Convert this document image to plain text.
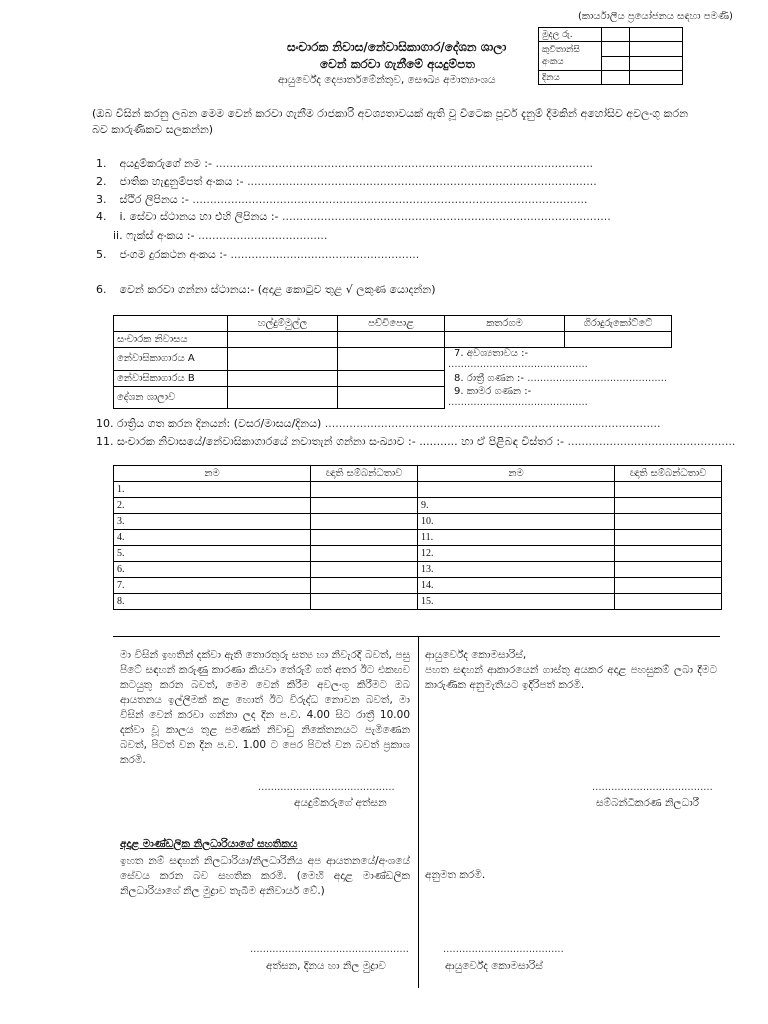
(කාර්යාලීය ප්‍රයෝජනය සඳහා පමණි)
මුදල රු.		
කුවිතාන්සි අංකය		

දිනය		
සංචාරක නිවාස/නේවාසිකාගාර/දේශන ශාලා
වෙන් කරවා ගැනීමේ අයදුම්පත
ආයුර්වේද දෙපාර්තමේන්තුව, සෞඛ්‍ය අමාත්‍යාංශය
(ඔබ විසින් කරනු ලබන මෙම වෙන් කරවා ගැනීම රාජකාරි අවශ්‍යතාවයක් ඇති වූ විටෙක පූර්ව දැනුම් දීමකින් අහෝසිව අවලංගු කරන බව කාරුණිකව සලකන්න)
1. අයදුම්කරුගේ නම :- ............................................................................................................
2. ජාතික හැඳුනුම්පත් අංකය :- ....................................................................................................
3. ස්ථිර ලිපිනය :- .................................................................................................................
4. i. සේවා ස්ථානය හා එහි ලිපිනය :- ..............................................................................................
ii. ෆැක්ස් අංකය :- .....................................
5. ජංගම දුරකථන අංකය :- ......................................................
6. වෙන් කරවා ගන්නා ස්ථානය:- (අදාළ කොටුව තුළ √ ලකුණ යොදන්න)
	හල්දුම්මුල්ල	පච්චිපොළ	කතරගම	ගිරාදුරුකෝට්ටේ
සංචාරක නිවාසය				
නේවාසිකාගාරය A			7. අවශ්‍යතාවය :- ............................................	
නේවාසිකාගාරය B			8. රාත්‍රී ගණන :- ............................................	
දේශන ශාලාව			9. කාමර ගණන :- ............................................	
10. රාත්‍රිය ගත කරන දිනයන්: (වසර/මාසය/දිනය) ................................................................................................
11. සංචාරක නිවාසයේ/නේවාසිකාගාරයේ නවාතැන් ගන්නා සංඛ්‍යාව :- ........... හා ඒ පිළිබඳ විස්තර :- ................................................
නම	ඥාති සම්බන්ධතාව	නම	ඥාති සම්බන්ධතාව
1.			
2.		9.	
3.		10.	
4.		11.	
5.		12.	
6.		13.	
7.		14.	
8.		15.	
මා විසින් ඉහතින් දක්වා ඇති තොරතුරු සත්‍ය හා නිවැරදි බවත්, පසු පිටේ සඳහන් කරුණු කාරණා කියවා තේරුම් ගත් අතර ඊට එකඟව කටයුතු කරන බවත්, මෙම වෙන් කිරීම අවලංගු කිරීමට ඔබ ආයතනය ඉල්ලීමක් කළ හොත් ඊට විරුද්ධ නොවන බවත්, මා විසින් වෙන් කරවා ගන්නා ලද දින ප.ව. 4.00 සිට රාත්‍රී 10.00 දක්වා වූ කාලය තුළ පමණක් නිවාඩු නිකේතනයට පැමිණෙන බවත්, පිටත් වන දින ප.ව. 1.00 ට පෙර පිටත් වන බවත් ප්‍රකාශ කරමි.
ආයුර්වේද කොමසාරිස්,
පහත සඳහන් ආකාරයෙන් ගාස්තු අයකර අදාළ පහසුකම් ලබා දීමට කාරුණික අනුමැතියට ඉදිරිපත් කරමි.
...........................................
අයදුම්කරුගේ අත්සන
......................................
සම්බන්ධීකරණ නිලධාරී
අදාළ මාණ්ඩලික නිලධාරියාගේ සහතිකය
ඉහත නම් සඳහන් නිලධාරියා/නිලධාරිනිය අප ආයතනයේ/අංශයේ සේවය කරන බව සහතික කරමි. (මෙහි අදාළ මාණ්ඩලික නිලධාරියාගේ නිල මුද්‍රාව තැබීම අනිවාර්ය වේ.)
අනුමත කරමි.
..................................................
අත්සන, දිනය හා නිල මුද්‍රාව
......................................
ආයුර්වේද කොමසාරිස්
